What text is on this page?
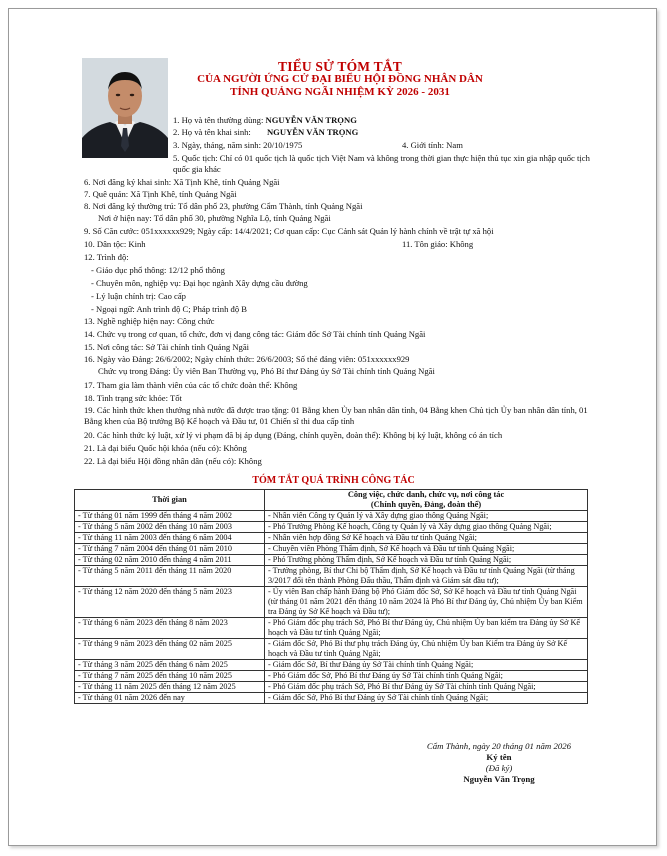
TIỂU SỬ TÓM TẮT
CỦA NGƯỜI ỨNG CỬ ĐẠI BIỂU HỘI ĐỒNG NHÂN DÂN
TỈNH QUẢNG NGÃI NHIỆM KỲ 2026 - 2031
1. Họ và tên thường dùng: NGUYỄN VĂN TRỌNG
2. Họ và tên khai sinh: NGUYỄN VĂN TRỌNG
3. Ngày, tháng, năm sinh: 20/10/1975	4. Giới tính: Nam
5. Quốc tịch: Chỉ có 01 quốc tịch là quốc tịch Việt Nam và không trong thời gian thực hiện thủ tục xin gia nhập quốc tịch quốc gia khác
6. Nơi đăng ký khai sinh: Xã Tịnh Khê, tỉnh Quảng Ngãi
7. Quê quán: Xã Tịnh Khê, tỉnh Quảng Ngãi
8. Nơi đăng ký thường trú: Tổ dân phố 23, phường Cẩm Thành, tỉnh Quảng Ngãi
Nơi ở hiện nay: Tổ dân phố 30, phường Nghĩa Lộ, tỉnh Quảng Ngãi
9. Số Căn cước: 051xxxxxx929; Ngày cấp: 14/4/2021; Cơ quan cấp: Cục Cảnh sát Quản lý hành chính về trật tự xã hội
10. Dân tộc: Kinh	11. Tôn giáo: Không
12. Trình độ:
- Giáo dục phổ thông: 12/12 phổ thông
- Chuyên môn, nghiệp vụ: Đại học ngành Xây dựng cầu đường
- Lý luận chính trị: Cao cấp
- Ngoại ngữ: Anh trình độ C; Pháp trình độ B
13. Nghề nghiệp hiện nay: Công chức
14. Chức vụ trong cơ quan, tổ chức, đơn vị đang công tác: Giám đốc Sở Tài chính tỉnh Quảng Ngãi
15. Nơi công tác: Sở Tài chính tỉnh Quảng Ngãi
16. Ngày vào Đảng: 26/6/2002; Ngày chính thức: 26/6/2003; Số thẻ đảng viên: 051xxxxxx929
Chức vụ trong Đảng: Ủy viên Ban Thường vụ, Phó Bí thư Đảng ủy Sở Tài chính tỉnh Quảng Ngãi
17. Tham gia làm thành viên của các tổ chức đoàn thể: Không
18. Tình trạng sức khỏe: Tốt
19. Các hình thức khen thưởng nhà nước đã được trao tặng: 01 Bằng khen Ủy ban nhân dân tỉnh, 04 Bằng khen Chủ tịch Ủy ban nhân dân tỉnh, 01 Bằng khen của Bộ trưởng Bộ Kế hoạch và Đầu tư, 01 Chiến sĩ thi đua cấp tỉnh
20. Các hình thức kỷ luật, xử lý vi phạm đã bị áp dụng (Đảng, chính quyền, đoàn thể): Không bị kỷ luật, không có án tích
21. Là đại biểu Quốc hội khóa (nếu có): Không
22. Là đại biểu Hội đồng nhân dân (nếu có): Không
TÓM TẮT QUÁ TRÌNH CÔNG TÁC
Thời gian	Công việc, chức danh, chức vụ, nơi công tác
(Chính quyền, Đảng, đoàn thể)

- Từ tháng 01 năm 1999 đến tháng 4 năm 2002	- Nhân viên Công ty Quản lý và Xây dựng giao thông Quảng Ngãi;
- Từ tháng 5 năm 2002 đến tháng 10 năm 2003	- Phó Trưởng Phòng Kế hoạch, Công ty Quản lý và Xây dựng giao thông Quảng Ngãi;
- Từ tháng 11 năm 2003 đến tháng 6 năm 2004	- Nhân viên hợp đồng Sở Kế hoạch và Đầu tư tỉnh Quảng Ngãi;
- Từ tháng 7 năm 2004 đến tháng 01 năm 2010	- Chuyên viên Phòng Thẩm định, Sở Kế hoạch và Đầu tư tỉnh Quảng Ngãi;
- Từ tháng 02 năm 2010 đến tháng 4 năm 2011	- Phó Trưởng phòng Thẩm định, Sở Kế hoạch và Đầu tư tỉnh Quảng Ngãi;
- Từ tháng 5 năm 2011 đến tháng 11 năm 2020	- Trưởng phòng, Bí thư Chi bộ Thẩm định, Sở Kế hoạch và Đầu tư tỉnh Quảng Ngãi (từ tháng 3/2017 đổi tên thành Phòng Đấu thầu, Thẩm định và Giám sát đầu tư);
- Từ tháng 12 năm 2020 đến tháng 5 năm 2023	- Ủy viên Ban chấp hành Đảng bộ Phó Giám đốc Sở, Sở Kế hoạch và Đầu tư tỉnh Quảng Ngãi (từ tháng 01 năm 2021 đến tháng 10 năm 2024 là Phó Bí thư Đảng ủy, Chủ nhiệm Ủy ban Kiểm tra Đảng ủy Sở Kế hoạch và Đầu tư);
- Từ tháng 6 năm 2023 đến tháng 8 năm 2023	- Phó Giám đốc phụ trách Sở, Phó Bí thư Đảng ủy, Chủ nhiệm Ủy ban kiểm tra Đảng ủy Sở Kế hoạch và Đầu tư tỉnh Quảng Ngãi;
- Từ tháng 9 năm 2023 đến tháng 02 năm 2025	- Giám đốc Sở, Phó Bí thư phụ trách Đảng ủy, Chủ nhiệm Ủy ban Kiểm tra Đảng ủy Sở Kế hoạch và Đầu tư tỉnh Quảng Ngãi;
- Từ tháng 3 năm 2025 đến tháng 6 năm 2025	- Giám đốc Sở, Bí thư Đảng ủy Sở Tài chính tỉnh Quảng Ngãi;
- Từ tháng 7 năm 2025 đến tháng 10 năm 2025	- Phó Giám đốc Sở, Phó Bí thư Đảng ủy Sở Tài chính tỉnh Quảng Ngãi;
- Từ tháng 11 năm 2025 đến tháng 12 năm 2025	- Phó Giám đốc phụ trách Sở, Phó Bí thư Đảng ủy Sở Tài chính tỉnh Quảng Ngãi;
- Từ tháng 01 năm 2026 đến nay	- Giám đốc Sở, Phó Bí thư Đảng ủy Sở Tài chính tỉnh Quảng Ngãi;
Cẩm Thành, ngày 20 tháng 01 năm 2026
Ký tên
(Đã ký)
Nguyễn Văn Trọng
